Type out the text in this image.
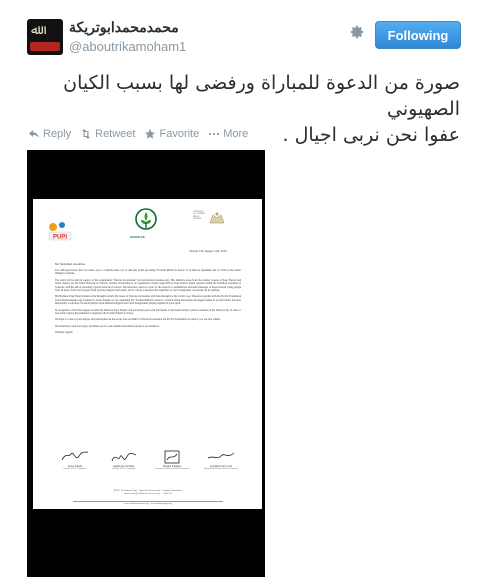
ﷲ محمدمحمدابوتريكة
@aboutrikamoham1
Following
صورة من الدعوة للمباراة ورفضى لها بسبب الكيان الصهيوني
عفوا نحن نربى اجيال .
Reply Retweet Favorite More
PUPI	SCHOLAS
PONTIFICIA ACCADEMIA DELLE SCIENZE
Vatican City August 12th, 2014
Mr. Mohamed Aboutrika,

It is with great honor, that we contact you to cordially invite you to take part in the upcoming "Football Match for Peace" to be held on September the 1st 2014, in the Stadio Olimpico in Rome.

The event will be held in support of the organization "Scholas Occurrentes" (www.scholasoccurrentes.org). This initiative arose from the express request of Pope Francis and Javier Zanetti, for the World Network of Schools. Scholas Occurrentes is an organization closely supported by Pope Francis which operates within the Pontifical Academy of Sciences, with the aim of operating a global network of schools. The network is used as a tool, for the schools to communicate and share messages of hope between young people from all parts of the world, people from varying religions and beliefs, and to convey a message that regardless of one's background, one dream can be realized.

His Holiness Pope Francis believes that through football, the values of Scholas Occurrentes will shine through for the world to see. Therefore together with the P.U.P.I. Foundation (www.fundacionpupi.org), founded by Javier Zanetti, we are organizing the "Football Match for Peace", a match which will feature the biggest names in world football, but most importantly a selection of football players from different religious and racial backgrounds playing together in good spirit.

In recognition of his firm support towards the initiative Pope Francis will personally greet each participant of the match during a private audience in the Vatican City, in order to personally express his gratitude for playing in the Football Match for Peace.

We hope to count on your support and participation in this event, and on behalf of Scholas Occurrentes and P.U.P.I. Foundation we send to you our best wishes.

We attentively await your reply, and thank you for your attention and interest given to our invitation.

Warmest regards,

Javier Zanetti
Founder P.U.P.I. Foundation
Andrés De la Fuente
President P.U.P.I. Foundation
Enrique Palmeyro
International Director Scholas Occurrentes
José María del Corral
International Director Scholas Occurrentes
RSVP: Sr. Roberto Sarti – Sport Event Secretary – Scholas Occurrentes
roberto.sarti@scholasoccurrentes.org – +3491233
www.scholasoccurrentes.org – www.fundacionpupi.org
